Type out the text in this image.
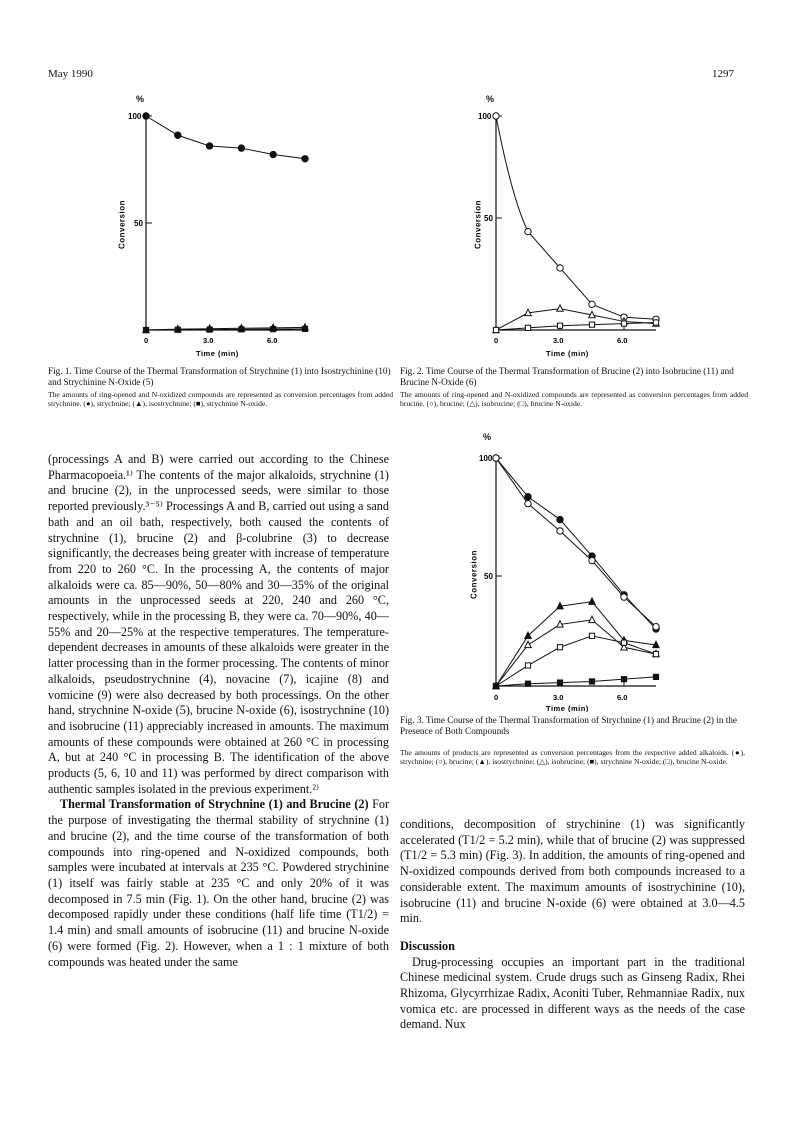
May 1990	1297
%
Conversion
100
50
0	3.0	6.0
Time (min)
Fig. 1. Time Course of the Thermal Transformation of Strychnine (1) into Isostrychinine (10) and Strychinine N-Oxide (5)
The amounts of ring-opened and N-oxidized compounds are represented as conversion percentages from added strychnine. (●), strychnine; (▲), isostrychnine; (■), strychnine N-oxide.
%
Conversion
100
50
0	3.0	6.0
Time (min)
Fig. 2. Time Course of the Thermal Transformation of Brucine (2) into Isobrucine (11) and Brucine N-Oxide (6)
The amounts of ring-opened and N-oxidized compounds are represented as conversion percentages from added brucine. (○), brucine; (△), isobrucine; (□), brucine N-oxide.
%
Conversion
100
50
0	3.0	6.0
Time (min)
Fig. 3. Time Course of the Thermal Transformation of Strychnine (1) and Brucine (2) in the Presence of Both Compounds
The amounts of products are represented as conversion percentages from the respective added alkaloids. (●), strychnine; (○), brucine; (▲), isostrychnine; (△), isobrucine; (■), strychnine N-oxide; (□), brucine N-oxide.

(processings A and B) were carried out according to the Chinese Pharmacopoeia.¹⁾ The contents of the major alkaloids, strychnine (1) and brucine (2), in the unprocessed seeds, were similar to those reported previously.³⁻⁵⁾ Processings A and B, carried out using a sand bath and an oil bath, respectively, both caused the contents of strychnine (1), brucine (2) and β-colubrine (3) to decrease significantly, the decreases being greater with increase of temperature from 220 to 260 °C. In the processing A, the contents of major alkaloids were ca. 85—90%, 50—80% and 30—35% of the original amounts in the unprocessed seeds at 220, 240 and 260 °C, respectively, while in the processing B, they were ca. 70—90%, 40—55% and 20—25% at the respective temperatures. The temperature-dependent decreases in amounts of these alkaloids were greater in the latter processing than in the former processing. The contents of minor alkaloids, pseudostrychnine (4), novacine (7), icajine (8) and vomicine (9) were also decreased by both processings. On the other hand, strychnine N-oxide (5), brucine N-oxide (6), isostrychnine (10) and isobrucine (11) appreciably increased in amounts. The maximum amounts of these compounds were obtained at 260 °C in processing A, but at 240 °C in processing B. The identification of the above products (5, 6, 10 and 11) was performed by direct comparison with authentic samples isolated in the previous experiment.²⁾

Thermal Transformation of Strychnine (1) and Brucine (2) For the purpose of investigating the thermal stability of strychnine (1) and brucine (2), and the time course of the transformation of both compounds into ring-opened and N-oxidized compounds, both samples were incubated at intervals at 235 °C. Powdered strychinine (1) itself was fairly stable at 235 °C and only 20% of it was decomposed in 7.5 min (Fig. 1). On the other hand, brucine (2) was decomposed rapidly under these conditions (half life time (T1/2) = 1.4 min) and small amounts of isobrucine (11) and brucine N-oxide (6) were formed (Fig. 2). However, when a 1 : 1 mixture of both compounds was heated under the same

conditions, decomposition of strychinine (1) was significantly accelerated (T1/2 = 5.2 min), while that of brucine (2) was suppressed (T1/2 = 5.3 min) (Fig. 3). In addition, the amounts of ring-opened and N-oxidized compounds derived from both compounds increased to a considerable extent. The maximum amounts of isostrychinine (10), isobrucine (11) and brucine N-oxide (6) were obtained at 3.0—4.5 min.

Discussion

Drug-processing occupies an important part in the traditional Chinese medicinal system. Crude drugs such as Ginseng Radix, Rhei Rhizoma, Glycyrrhizae Radix, Aconiti Tuber, Rehmanniae Radix, nux vomica etc. are processed in different ways as the needs of the case demand. Nux
